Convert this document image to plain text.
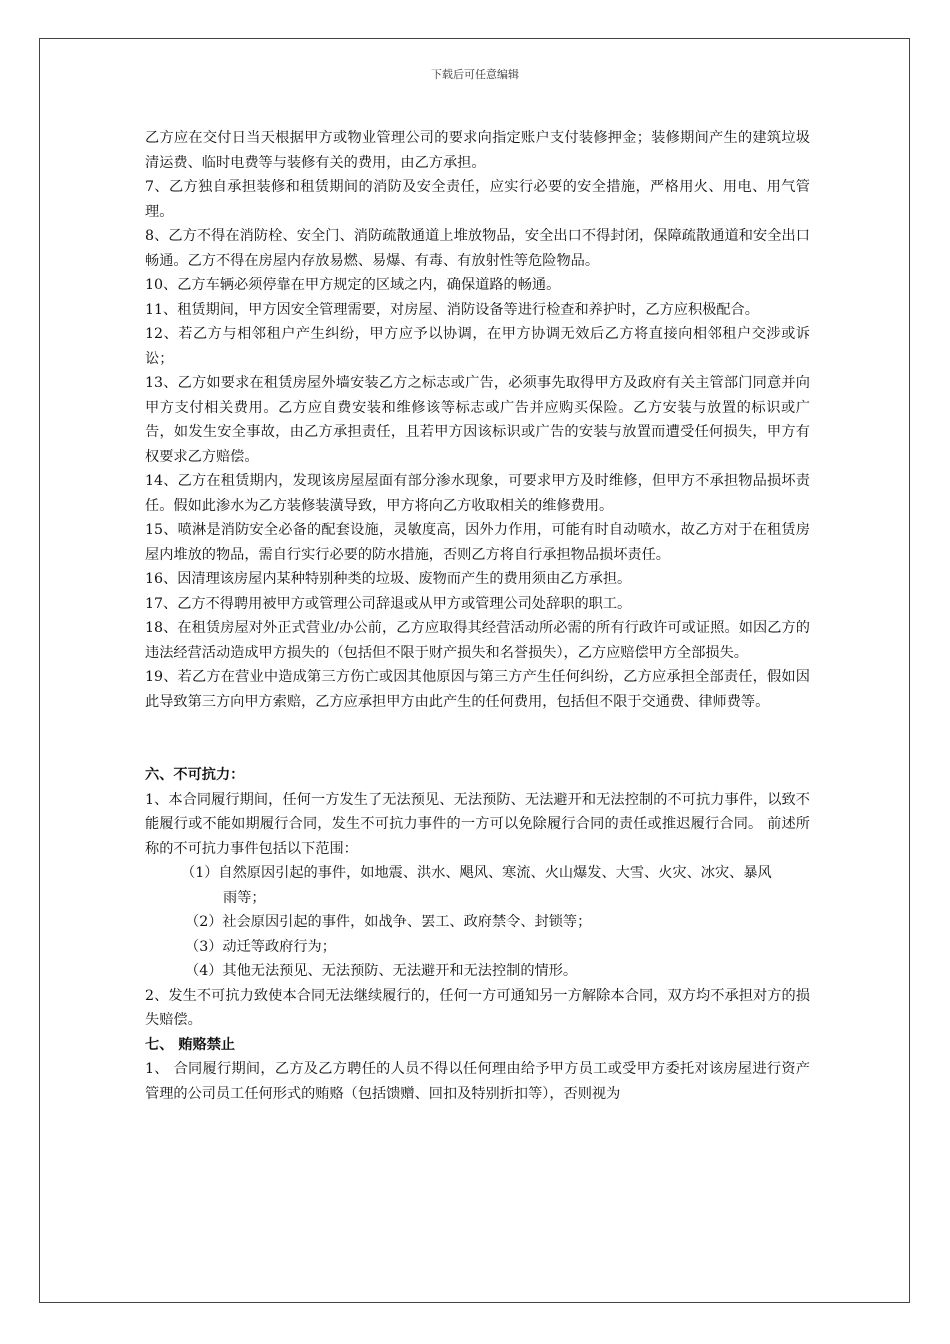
下载后可任意编辑

乙方应在交付日当天根据甲方或物业管理公司的要求向指定账户支付装修押金；装修期间产生的建筑垃圾清运费、临时电费等与装修有关的费用，由乙方承担。

7、乙方独自承担装修和租赁期间的消防及安全责任，应实行必要的安全措施，严格用火、用电、用气管理。

8、乙方不得在消防栓、安全门、消防疏散通道上堆放物品，安全出口不得封闭，保障疏散通道和安全出口畅通。乙方不得在房屋内存放易燃、易爆、有毒、有放射性等危险物品。

10、乙方车辆必须停靠在甲方规定的区域之内，确保道路的畅通。

11、租赁期间，甲方因安全管理需要，对房屋、消防设备等进行检查和养护时，乙方应积极配合。

12、若乙方与相邻租户产生纠纷，甲方应予以协调，在甲方协调无效后乙方将直接向相邻租户交涉或诉讼；

13、乙方如要求在租赁房屋外墙安装乙方之标志或广告，必须事先取得甲方及政府有关主管部门同意并向甲方支付相关费用。乙方应自费安装和维修该等标志或广告并应购买保险。乙方安装与放置的标识或广告，如发生安全事故，由乙方承担责任，且若甲方因该标识或广告的安装与放置而遭受任何损失，甲方有权要求乙方赔偿。

14、乙方在租赁期内，发现该房屋屋面有部分渗水现象，可要求甲方及时维修，但甲方不承担物品损坏责任。假如此渗水为乙方装修装潢导致，甲方将向乙方收取相关的维修费用。

15、喷淋是消防安全必备的配套设施，灵敏度高，因外力作用，可能有时自动喷水，故乙方对于在租赁房屋内堆放的物品，需自行实行必要的防水措施，否则乙方将自行承担物品损坏责任。

16、因清理该房屋内某种特别种类的垃圾、废物而产生的费用须由乙方承担。

17、乙方不得聘用被甲方或管理公司辞退或从甲方或管理公司处辞职的职工。

18、在租赁房屋对外正式营业/办公前，乙方应取得其经营活动所必需的所有行政许可或证照。如因乙方的违法经营活动造成甲方损失的（包括但不限于财产损失和名誉损失），乙方应赔偿甲方全部损失。

19、若乙方在营业中造成第三方伤亡或因其他原因与第三方产生任何纠纷，乙方应承担全部责任，假如因此导致第三方向甲方索赔，乙方应承担甲方由此产生的任何费用，包括但不限于交通费、律师费等。

六、不可抗力：

1、本合同履行期间，任何一方发生了无法预见、无法预防、无法避开和无法控制的不可抗力事件，以致不能履行或不能如期履行合同，发生不可抗力事件的一方可以免除履行合同的责任或推迟履行合同。 前述所称的不可抗力事件包括以下范围：

（1）自然原因引起的事件，如地震、洪水、飓风、寒流、火山爆发、大雪、火灾、冰灾、暴风
雨等；

（2）社会原因引起的事件，如战争、罢工、政府禁令、封锁等；

（3）动迁等政府行为；

（4）其他无法预见、无法预防、无法避开和无法控制的情形。

2、发生不可抗力致使本合同无法继续履行的，任何一方可通知另一方解除本合同，双方均不承担对方的损失赔偿。

七、 贿赂禁止

1、 合同履行期间，乙方及乙方聘任的人员不得以任何理由给予甲方员工或受甲方委托对该房屋进行资产管理的公司员工任何形式的贿赂（包括馈赠、回扣及特别折扣等），否则视为
